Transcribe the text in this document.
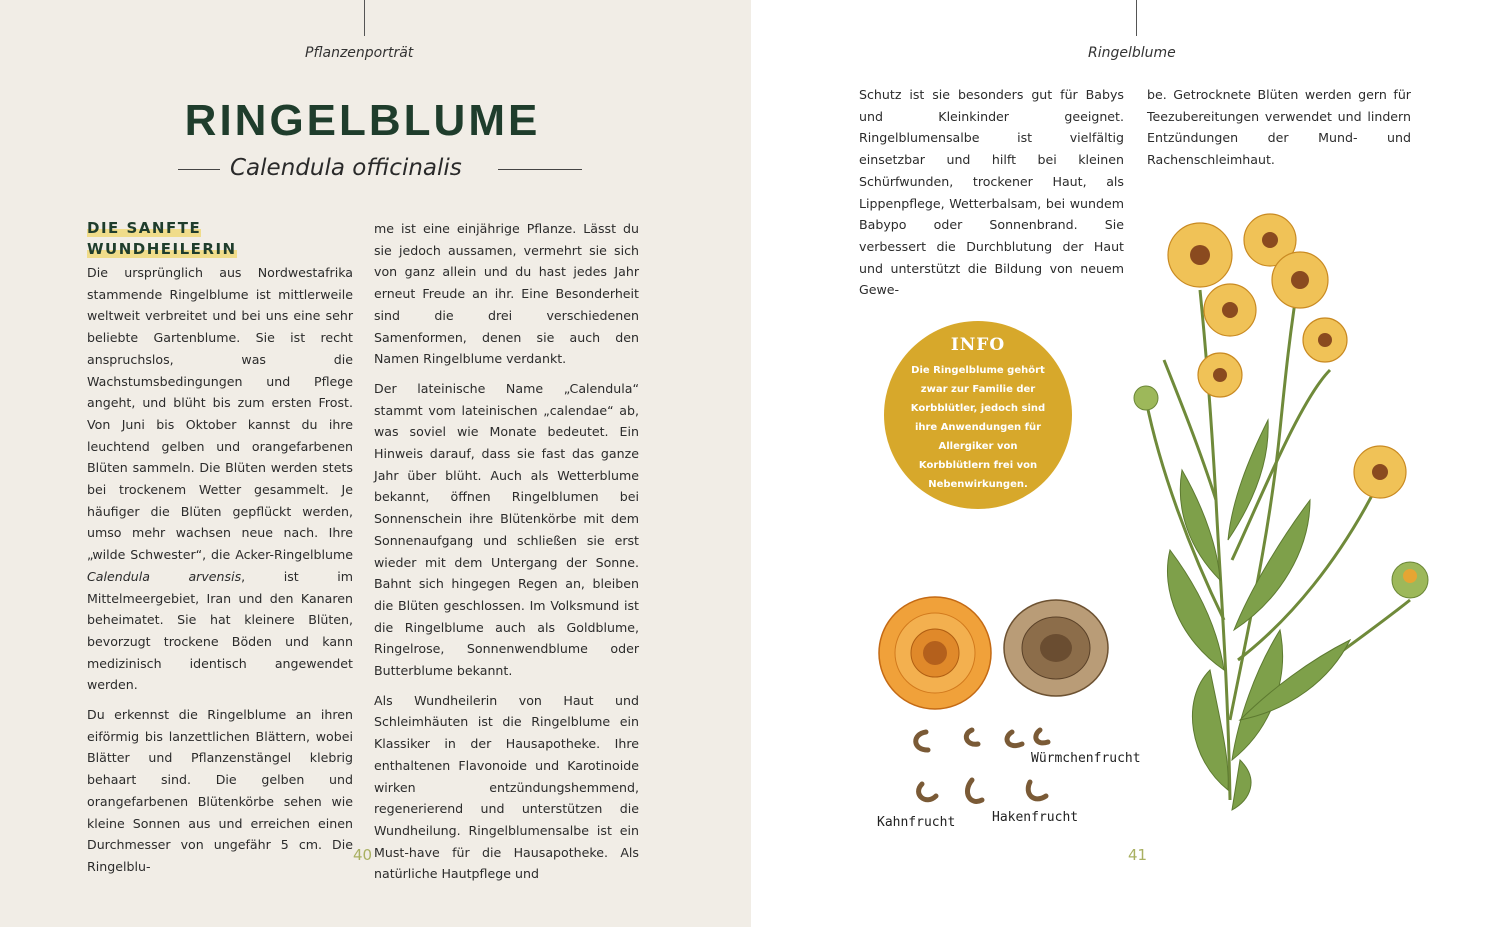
Pflanzenporträt
RINGELBLUME
Calendula officinalis
DIE SANFTE
WUNDHEILERIN

Die ursprünglich aus Nordwestafrika stammende Ringelblume ist mittlerweile weltweit verbreitet und bei uns eine sehr beliebte Gartenblume. Sie ist recht anspruchslos, was die Wachstumsbedingungen und Pflege angeht, und blüht bis zum ersten Frost. Von Juni bis Oktober kannst du ihre leuchtend gelben und orangefarbenen Blüten sammeln. Die Blüten werden stets bei trockenem Wetter gesammelt. Je häufiger die Blüten gepflückt werden, umso mehr wachsen neue nach. Ihre „wilde Schwester“, die Acker-Ringelblume Calendula arvensis, ist im Mittelmeergebiet, Iran und den Kanaren beheimatet. Sie hat kleinere Blüten, bevorzugt trockene Böden und kann medizinisch identisch angewendet werden.

Du erkennst die Ringelblume an ihren eiförmig bis lanzettlichen Blättern, wobei Blätter und Pflanzenstängel klebrig behaart sind. Die gelben und orangefarbenen Blütenkörbe sehen wie kleine Sonnen aus und erreichen einen Durchmesser von ungefähr 5 cm. Die Ringelblu-

me ist eine einjährige Pflanze. Lässt du sie jedoch aussamen, vermehrt sie sich von ganz allein und du hast jedes Jahr erneut Freude an ihr. Eine Besonderheit sind die drei verschiedenen Samenformen, denen sie auch den Namen Ringelblume verdankt.

Der lateinische Name „Calendula“ stammt vom lateinischen „calendae“ ab, was soviel wie Monate bedeutet. Ein Hinweis darauf, dass sie fast das ganze Jahr über blüht. Auch als Wetterblume bekannt, öffnen Ringelblumen bei Sonnenschein ihre Blütenkörbe mit dem Sonnenaufgang und schließen sie erst wieder mit dem Untergang der Sonne. Bahnt sich hingegen Regen an, bleiben die Blüten geschlossen. Im Volksmund ist die Ringelblume auch als Goldblume, Ringelrose, Sonnenwendblume oder Butterblume bekannt.

Als Wundheilerin von Haut und Schleimhäuten ist die Ringelblume ein Klassiker in der Hausapotheke. Ihre enthaltenen Flavonoide und Karotinoide wirken entzündungshemmend, regenerierend und unterstützen die Wundheilung. Ringelblumensalbe ist ein Must-have für die Hausapotheke. Als natürliche Hautpflege und

40
Ringelblume
41

Schutz ist sie besonders gut für Babys und Kleinkinder geeignet. Ringelblumensalbe ist vielfältig einsetzbar und hilft bei kleinen Schürfwunden, trockener Haut, als Lippenpflege, Wetterbalsam, bei wundem Babypo oder Sonnenbrand. Sie verbessert die Durchblutung der Haut und unterstützt die Bildung von neuem Gewe-

be. Getrocknete Blüten werden gern für Teezubereitungen verwendet und lindern Entzündungen der Mund- und Rachenschleimhaut.

INFO
Die Ringelblume gehört zwar zur Familie der Korbblütler, jedoch sind ihre Anwendungen für Allergiker von Korbblütlern frei von Nebenwirkungen.
Würmchenfrucht
Kahnfrucht	Hakenfrucht
